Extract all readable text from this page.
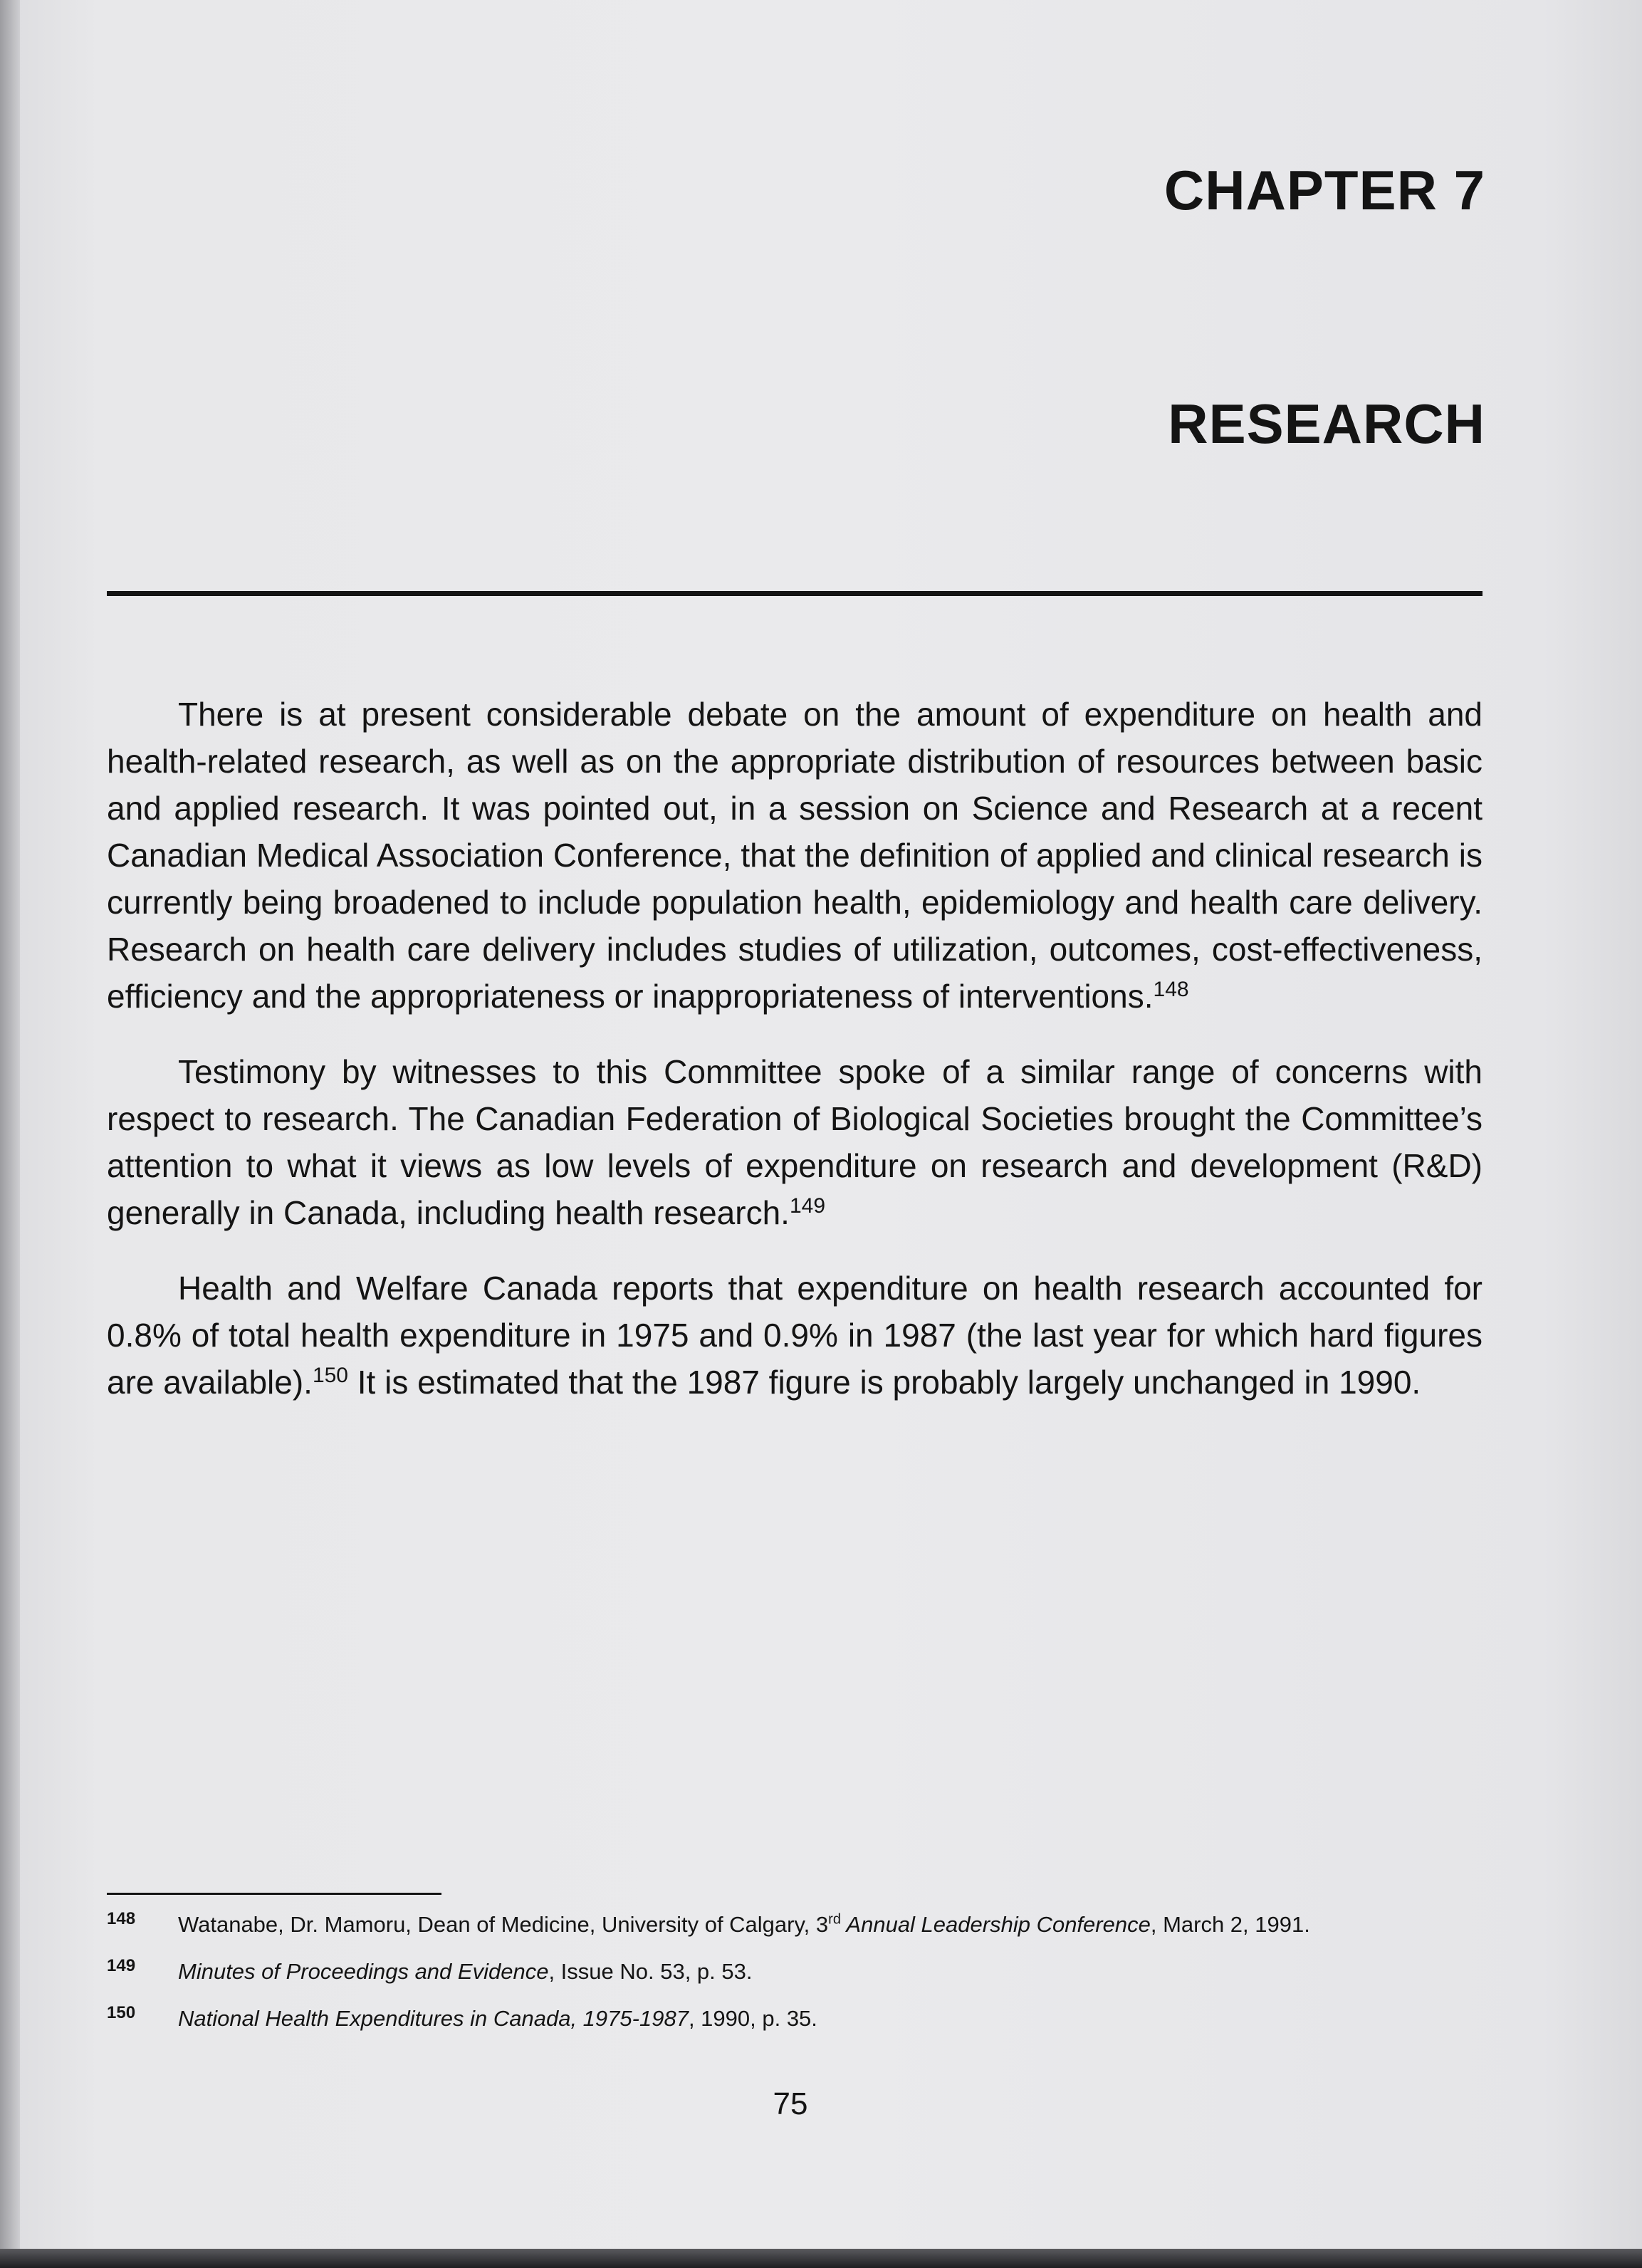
CHAPTER 7
RESEARCH

There is at present considerable debate on the amount of expenditure on health and health-related research, as well as on the appropriate distribution of resources between basic and applied research. It was pointed out, in a session on Science and Research at a recent Canadian Medical Association Conference, that the definition of applied and clinical research is currently being broadened to include population health, epidemiology and health care delivery. Research on health care delivery includes studies of utilization, outcomes, cost-effectiveness, efficiency and the appropriateness or inappropriateness of interventions.$^{148}$

Testimony by witnesses to this Committee spoke of a similar range of concerns with respect to research. The Canadian Federation of Biological Societies brought the Committee’s attention to what it views as low levels of expenditure on research and development (R&D) generally in Canada, including health research.$^{149}$

Health and Welfare Canada reports that expenditure on health research accounted for 0.8% of total health expenditure in 1975 and 0.9% in 1987 (the last year for which hard figures are available).$^{150}$ It is estimated that the 1987 figure is probably largely unchanged in 1990.

148 Watanabe, Dr. Mamoru, Dean of Medicine, University of Calgary, 3rd Annual Leadership Conference, March 2, 1991.
149 Minutes of Proceedings and Evidence, Issue No. 53, p. 53.
150 National Health Expenditures in Canada, 1975-1987, 1990, p. 35.
75
